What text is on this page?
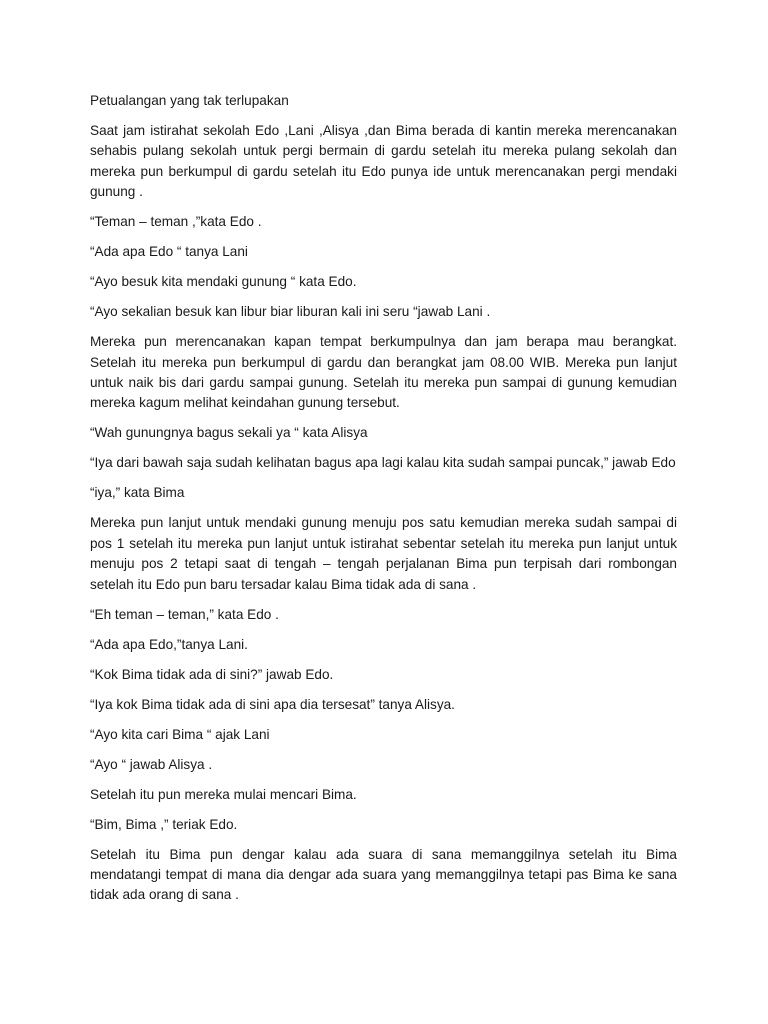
Petualangan yang tak terlupakan

Saat jam istirahat sekolah Edo ,Lani ,Alisya ,dan Bima berada di kantin mereka merencanakan sehabis pulang sekolah untuk pergi bermain di gardu setelah itu mereka pulang sekolah dan mereka pun berkumpul di gardu setelah itu Edo punya ide untuk merencanakan pergi mendaki gunung .

“Teman – teman ,”kata Edo .

“Ada apa Edo “ tanya Lani

“Ayo besuk kita mendaki gunung “ kata Edo.

“Ayo sekalian besuk kan libur biar liburan kali ini seru “jawab Lani .

Mereka pun merencanakan kapan tempat berkumpulnya dan jam berapa mau berangkat. Setelah itu mereka pun berkumpul di gardu dan berangkat jam 08.00 WIB. Mereka pun lanjut untuk naik bis dari gardu sampai gunung. Setelah itu mereka pun sampai di gunung kemudian mereka kagum melihat keindahan gunung tersebut.

“Wah gunungnya bagus sekali ya “ kata Alisya

“Iya dari bawah saja sudah kelihatan bagus apa lagi kalau kita sudah sampai puncak,” jawab Edo

“iya,” kata Bima

Mereka pun lanjut untuk mendaki gunung menuju pos satu kemudian mereka sudah sampai di pos 1 setelah itu mereka pun lanjut untuk istirahat sebentar setelah itu mereka pun lanjut untuk menuju pos 2 tetapi saat di tengah – tengah perjalanan Bima pun terpisah dari rombongan setelah itu Edo pun baru tersadar kalau Bima tidak ada di sana .

“Eh teman – teman,” kata Edo .

“Ada apa Edo,”tanya Lani.

“Kok Bima tidak ada di sini?” jawab Edo.

“Iya kok Bima tidak ada di sini apa dia tersesat” tanya Alisya.

“Ayo kita cari Bima “ ajak Lani

“Ayo “ jawab Alisya .

Setelah itu pun mereka mulai mencari Bima.

“Bim, Bima ,” teriak Edo.

Setelah itu Bima pun dengar kalau ada suara di sana memanggilnya setelah itu Bima mendatangi tempat di mana dia dengar ada suara yang memanggilnya tetapi pas Bima ke sana tidak ada orang di sana .
